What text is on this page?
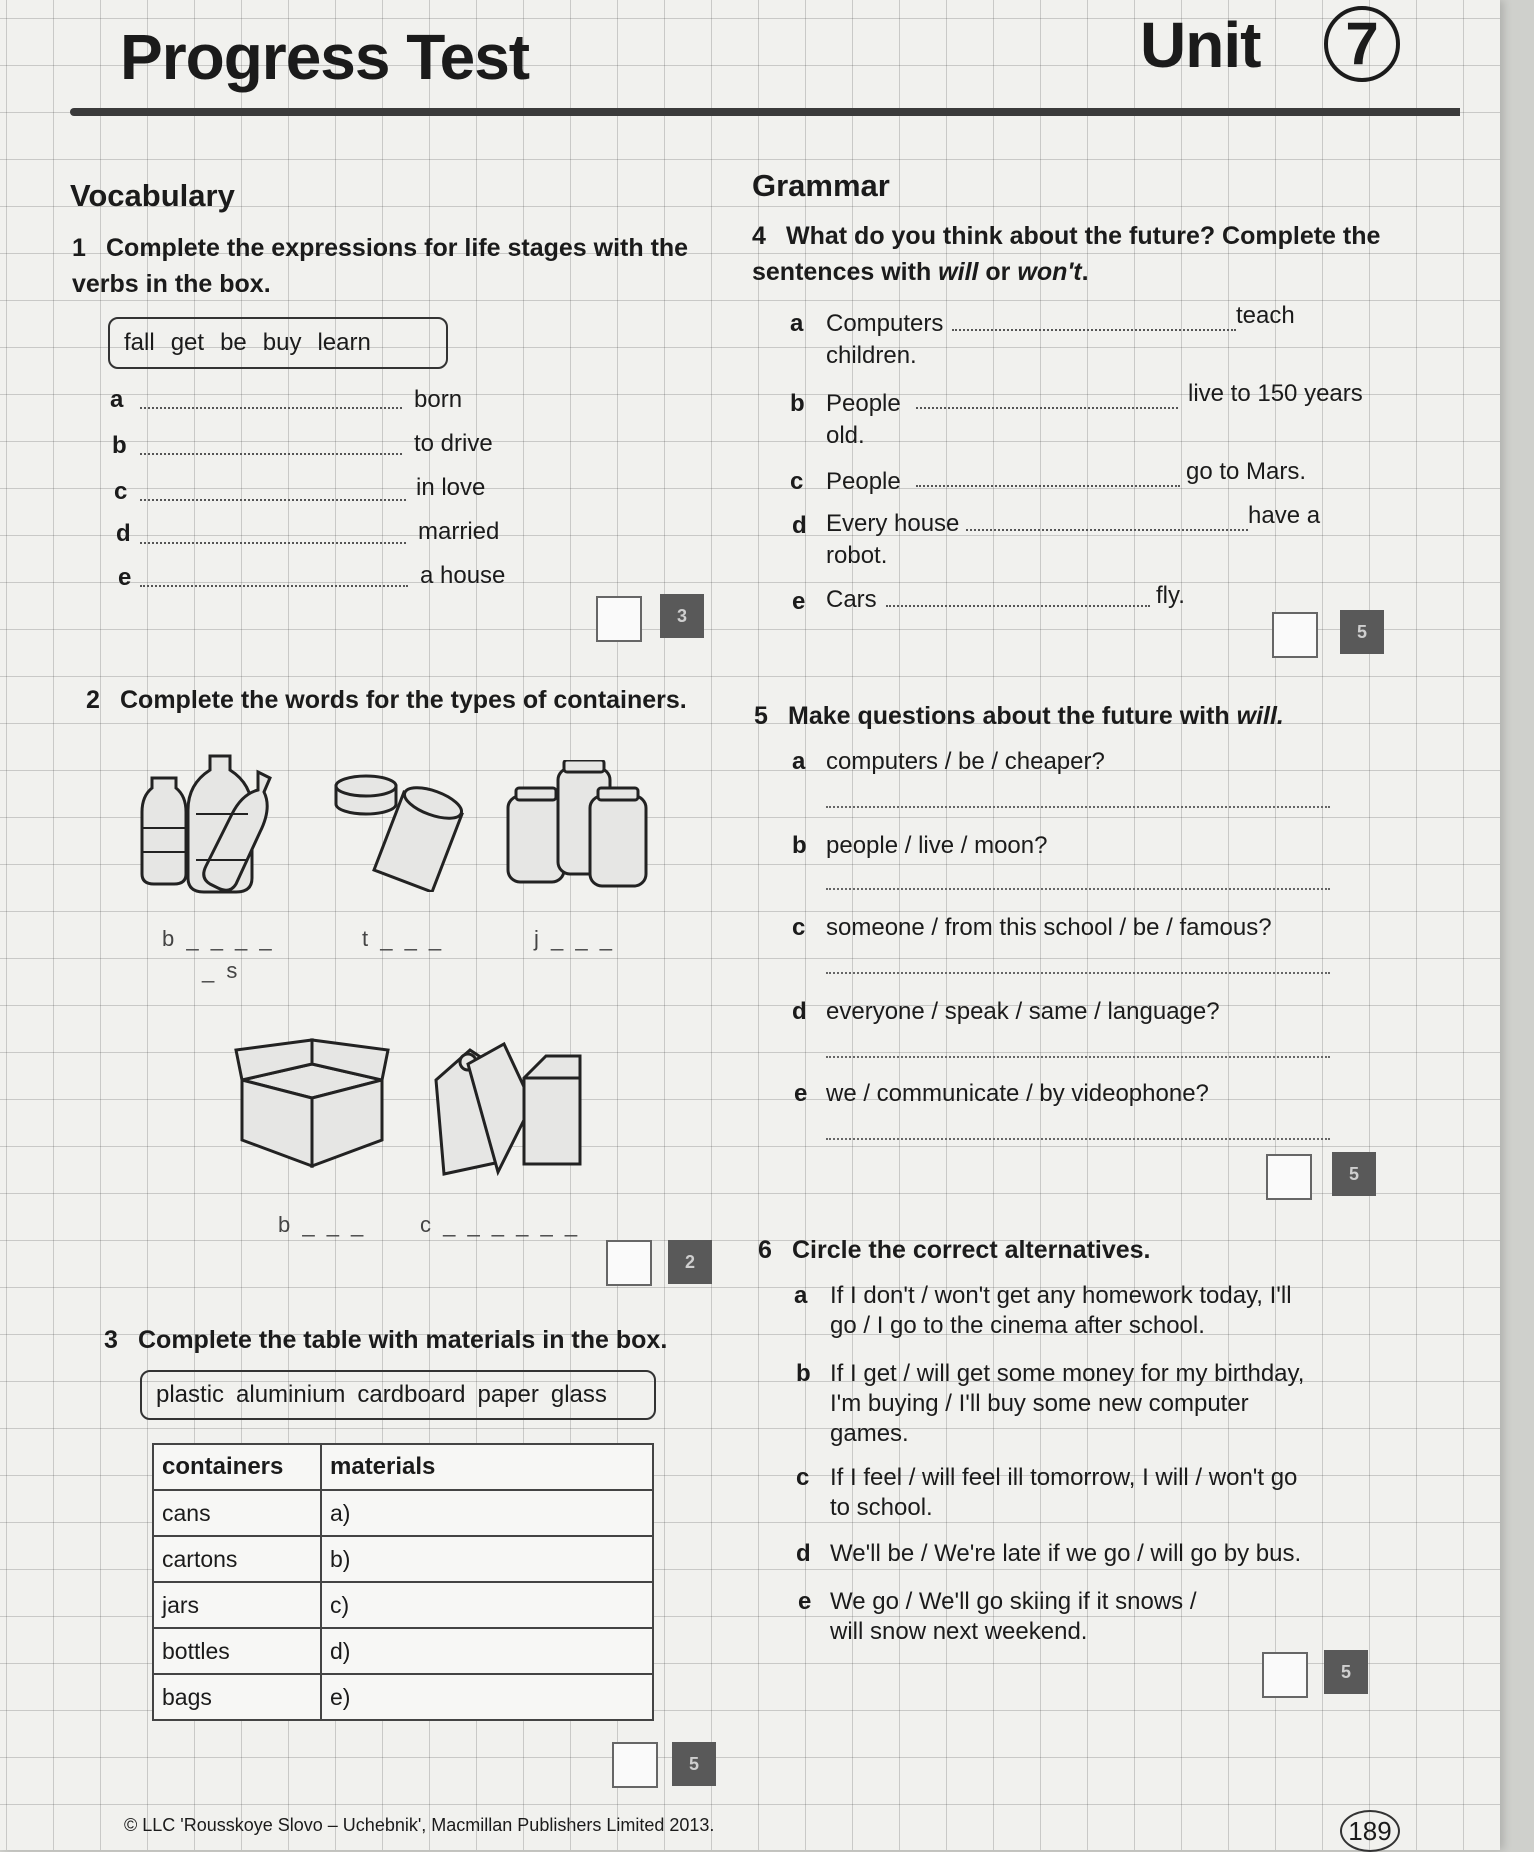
Progress Test	Unit	7
Vocabulary	Grammar
1 Complete the expressions for life stages with the verbs in the box.
fall get be buy learn
a	born
b	to drive
c	in love
d	married
e	a house
3
2 Complete the words for the types of containers.
b _ _ _ _
_ s
t _ _ _	j _ _ _
b _ _ _ c _ _ _ _ _ _
2
3 Complete the table with materials in the box.
plastic aluminium cardboard paper glass
containers	materials
cans	a)
cartons	b)
jars	c)
bottles	d)
bags	e)
5
4 What do you think about the future? Complete the sentences with will or won't.
a Computers	teach
children.
b People	live to 150 years
old.
c People	go to Mars.
d Every house	have a
robot.
e Cars	fly.
5
5 Make questions about the future with will.
a computers / be / cheaper?
b people / live / moon?
c someone / from this school / be / famous?
d everyone / speak / same / language?
e we / communicate / by videophone?
5
6 Circle the correct alternatives.
a If I don't / won't get any homework today, I'll
go / I go to the cinema after school.
b If I get / will get some money for my birthday,
I'm buying / I'll buy some new computer
games.
c If I feel / will feel ill tomorrow, I will / won't go
to school.
d We'll be / We're late if we go / will go by bus.
e We go / We'll go skiing if it snows /
will snow next weekend.
5
© LLC 'Rousskoye Slovo – Uchebnik', Macmillan Publishers Limited 2013.	189
